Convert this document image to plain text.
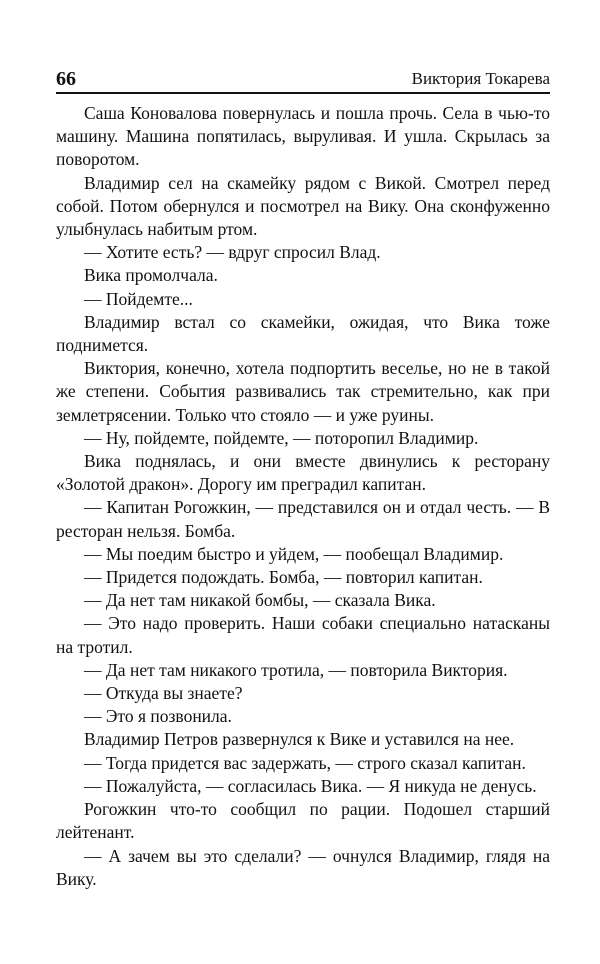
66	Виктория Токарева

Саша Коновалова повернулась и пошла прочь. Села в чью-то машину. Машина попятилась, выруливая. И ушла. Скрылась за поворотом.

Владимир сел на скамейку рядом с Викой. Смотрел перед собой. Потом обернулся и посмотрел на Вику. Она сконфуженно улыбнулась набитым ртом.

— Хотите есть? — вдруг спросил Влад.

Вика промолчала.

— Пойдемте...

Владимир встал со скамейки, ожидая, что Вика тоже поднимется.

Виктория, конечно, хотела подпортить веселье, но не в такой же степени. События развивались так стремительно, как при землетрясении. Только что стояло — и уже руины.

— Ну, пойдемте, пойдемте, — поторопил Владимир.

Вика поднялась, и они вместе двинулись к ресторану «Золотой дракон». Дорогу им преградил капитан.

— Капитан Рогожкин, — представился он и отдал честь. — В ресторан нельзя. Бомба.

— Мы поедим быстро и уйдем, — пообещал Владимир.

— Придется подождать. Бомба, — повторил капитан.

— Да нет там никакой бомбы, — сказала Вика.

— Это надо проверить. Наши собаки специально натасканы на тротил.

— Да нет там никакого тротила, — повторила Виктория.

— Откуда вы знаете?

— Это я позвонила.

Владимир Петров развернулся к Вике и уставился на нее.

— Тогда придется вас задержать, — строго сказал капитан.

— Пожалуйста, — согласилась Вика. — Я никуда не денусь.

Рогожкин что-то сообщил по рации. Подошел старший лейтенант.

— А зачем вы это сделали? — очнулся Владимир, глядя на Вику.
